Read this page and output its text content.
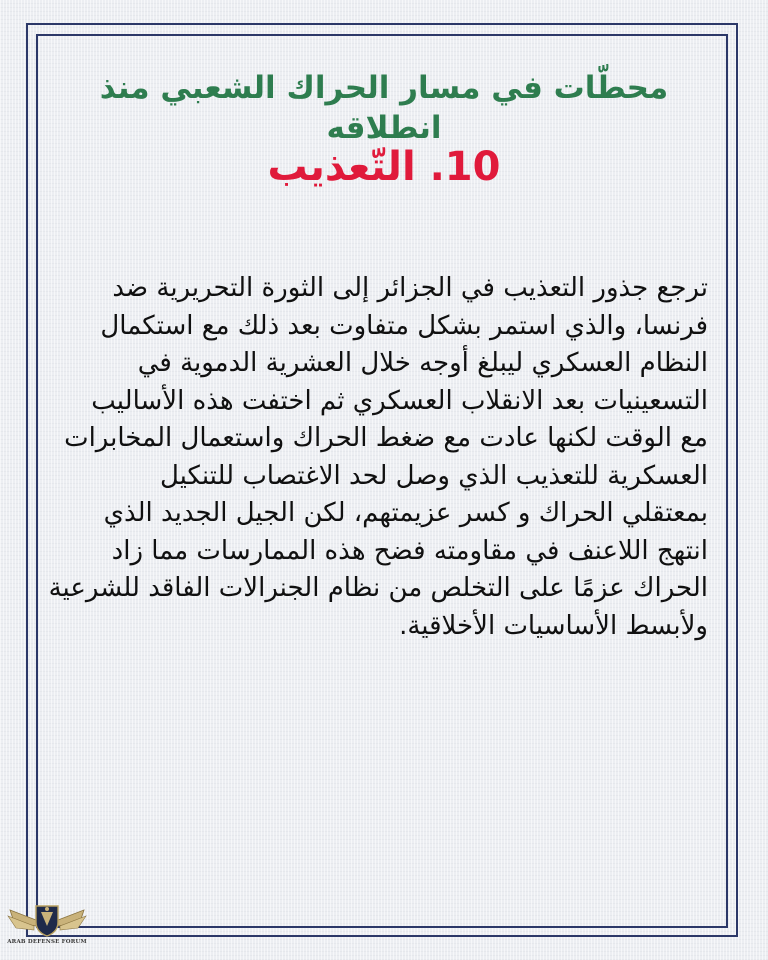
محطّات في مسار الحراك الشعبي منذ انطلاقه
10. التّعذيب

ترجع جذور التعذيب في الجزائر إلى الثورة التحريرية ضد
فرنسا، والذي استمر بشكل متفاوت بعد ذلك مع استكمال
النظام العسكري ليبلغ أوجه خلال العشرية الدموية في
التسعينيات بعد الانقلاب العسكري ثم اختفت هذه الأساليب
مع الوقت لكنها عادت مع ضغط الحراك واستعمال المخابرات
العسكرية للتعذيب الذي وصل لحد الاغتصاب للتنكيل
بمعتقلي الحراك و كسر عزيمتهم، لكن الجيل الجديد الذي
انتهج اللاعنف في مقاومته فضح هذه الممارسات مما زاد
الحراك عزمًا على التخلص من نظام الجنرالات الفاقد للشرعية
ولأبسط الأساسيات الأخلاقية.

ARAB DEFENSE FORUM
